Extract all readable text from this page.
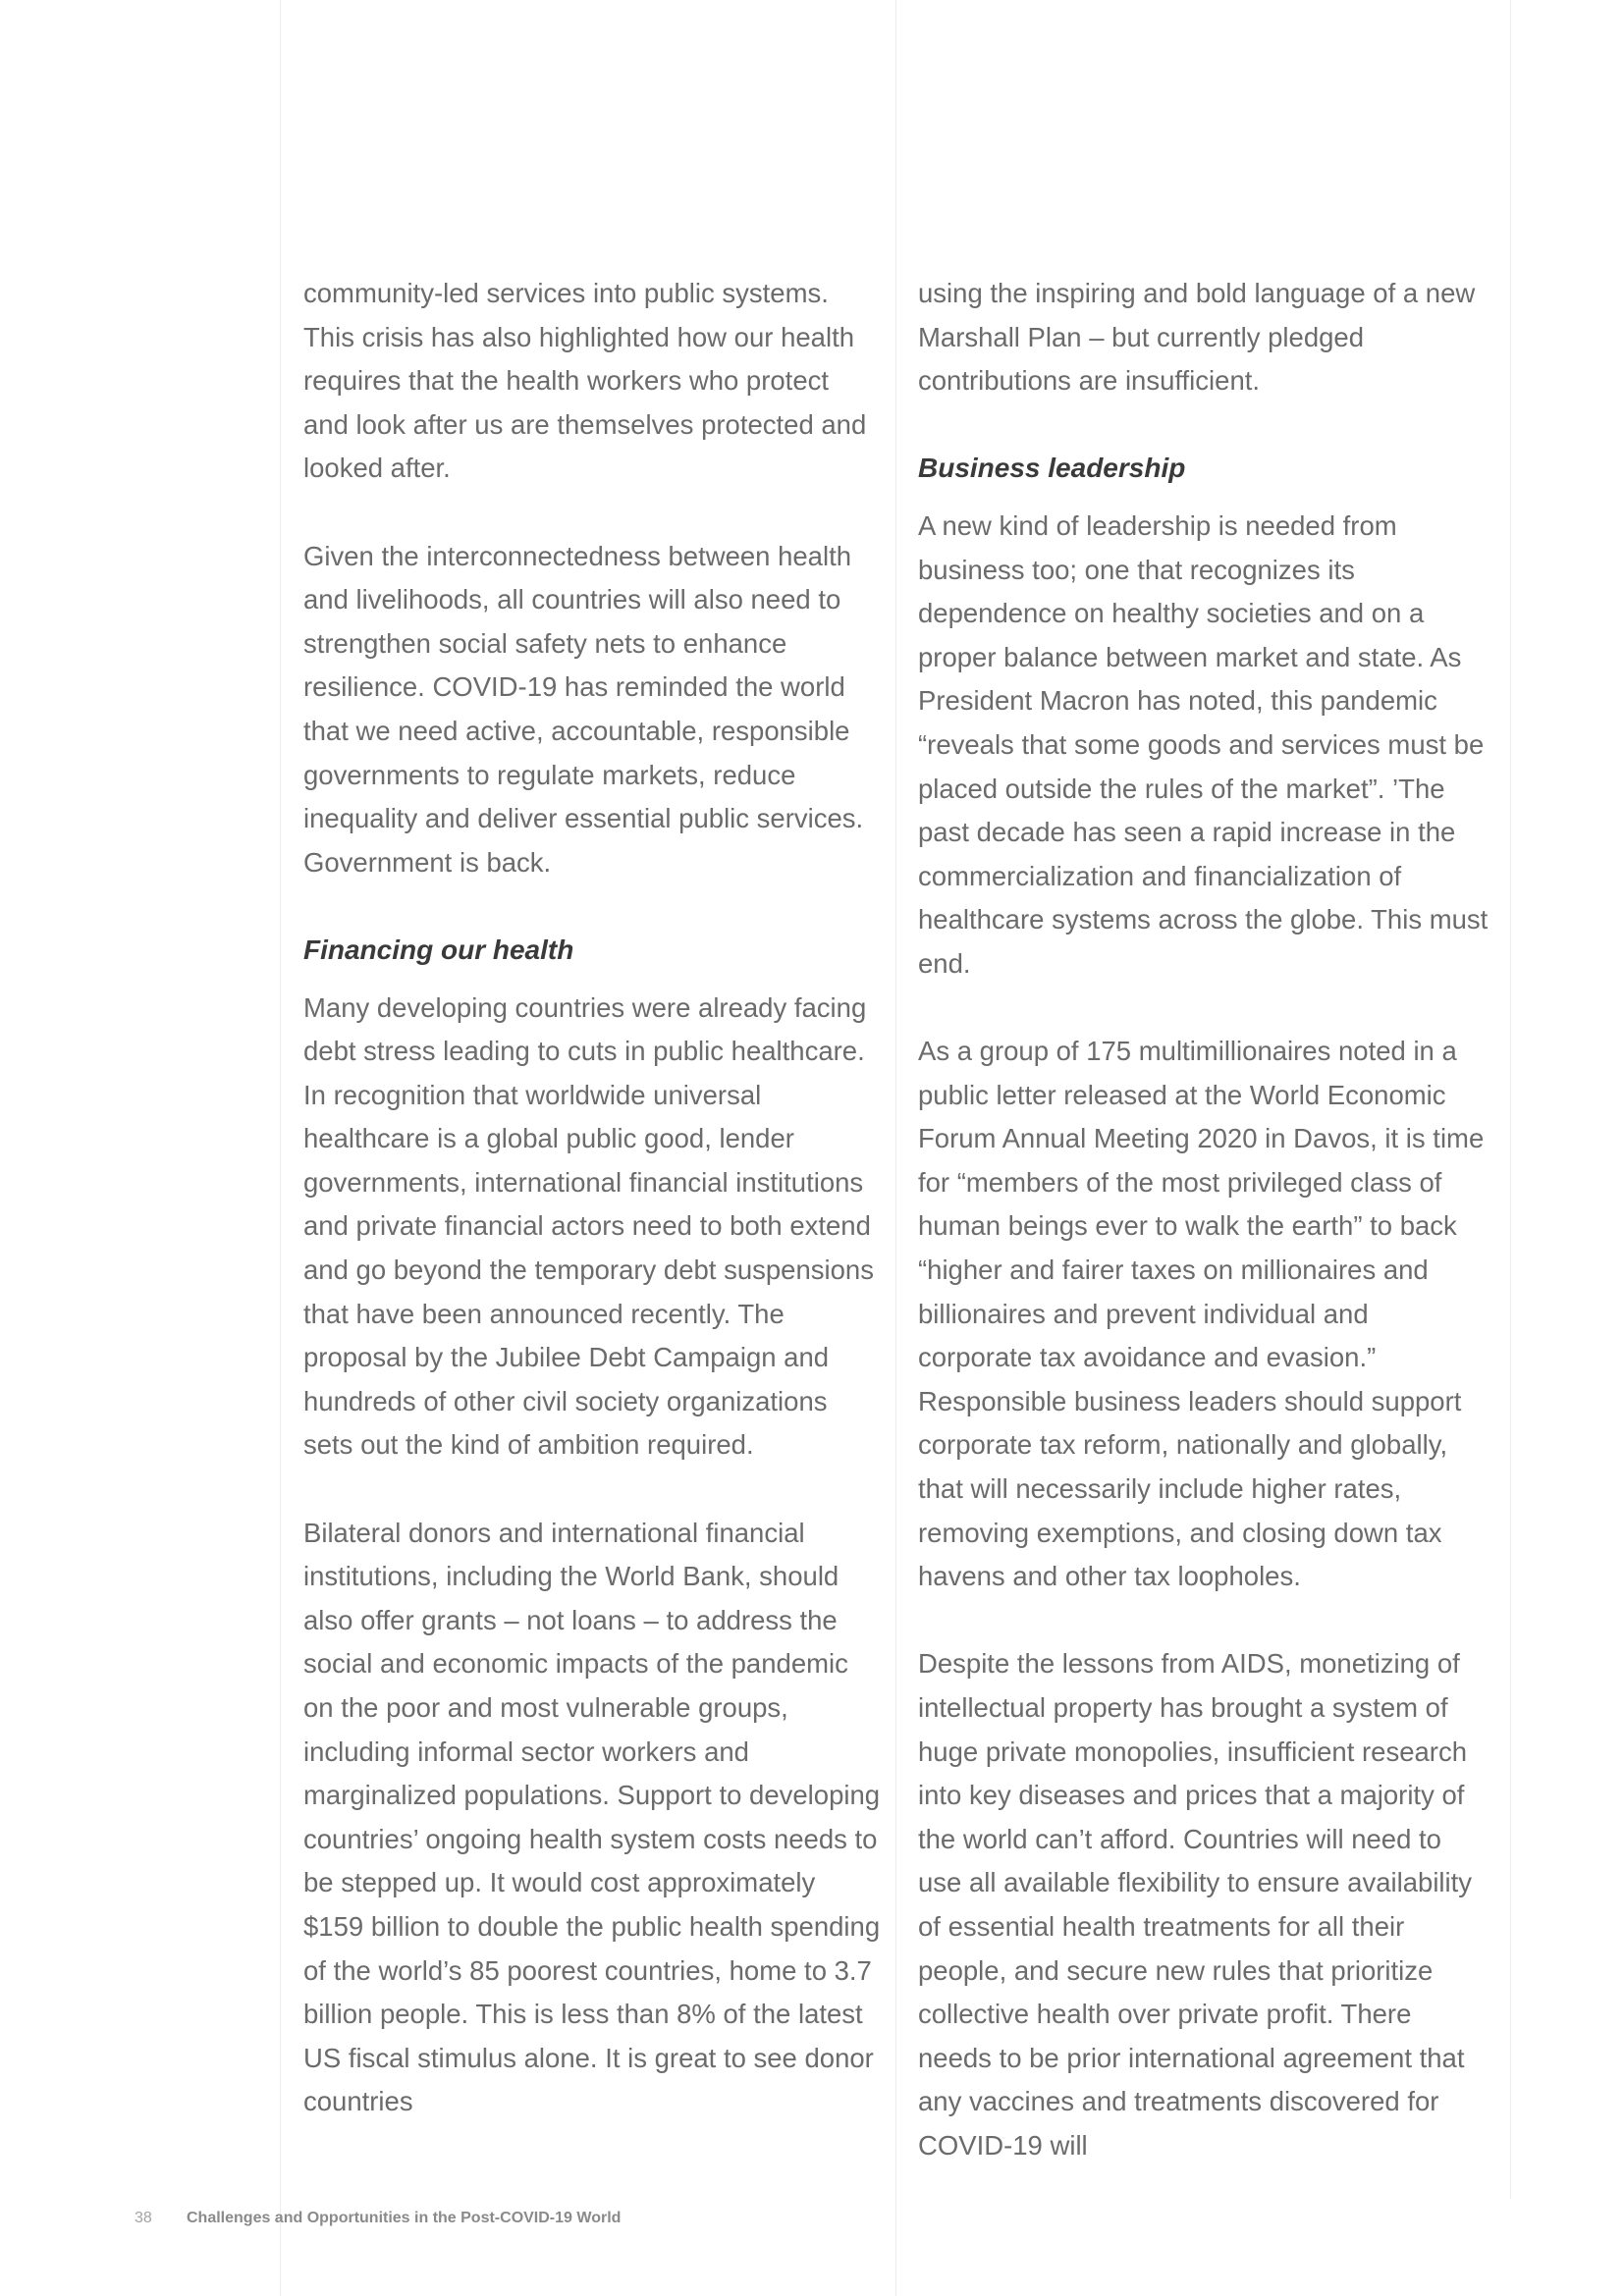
community-led services into public systems. This crisis has also highlighted how our health requires that the health workers who protect and look after us are themselves protected and looked after.

Given the interconnectedness between health and livelihoods, all countries will also need to strengthen social safety nets to enhance resilience. COVID-19 has reminded the world that we need active, accountable, responsible governments to regulate markets, reduce inequality and deliver essential public services. Government is back.

Financing our health

Many developing countries were already facing debt stress leading to cuts in public healthcare. In recognition that worldwide universal healthcare is a global public good, lender governments, international financial institutions and private financial actors need to both extend and go beyond the temporary debt suspensions that have been announced recently. The proposal by the Jubilee Debt Campaign and hundreds of other civil society organizations sets out the kind of ambition required.

Bilateral donors and international financial institutions, including the World Bank, should also offer grants – not loans – to address the social and economic impacts of the pandemic on the poor and most vulnerable groups, including informal sector workers and marginalized populations. Support to developing countries’ ongoing health system costs needs to be stepped up. It would cost approximately $159 billion to double the public health spending of the world’s 85 poorest countries, home to 3.7 billion people. This is less than 8% of the latest US fiscal stimulus alone. It is great to see donor countries

using the inspiring and bold language of a new Marshall Plan – but currently pledged contributions are insufficient.

Business leadership

A new kind of leadership is needed from business too; one that recognizes its dependence on healthy societies and on a proper balance between market and state. As President Macron has noted, this pandemic “reveals that some goods and services must be placed outside the rules of the market”. ’The past decade has seen a rapid increase in the commercialization and financialization of healthcare systems across the globe. This must end.

As a group of 175 multimillionaires noted in a public letter released at the World Economic Forum Annual Meeting 2020 in Davos, it is time for “members of the most privileged class of human beings ever to walk the earth” to back “higher and fairer taxes on millionaires and billionaires and prevent individual and corporate tax avoidance and evasion.” Responsible business leaders should support corporate tax reform, nationally and globally, that will necessarily include higher rates, removing exemptions, and closing down tax havens and other tax loopholes.

Despite the lessons from AIDS, monetizing of intellectual property has brought a system of huge private monopolies, insufficient research into key diseases and prices that a majority of the world can’t afford. Countries will need to use all available flexibility to ensure availability of essential health treatments for all their people, and secure new rules that prioritize collective health over private profit. There needs to be prior international agreement that any vaccines and treatments discovered for COVID-19 will

38 Challenges and Opportunities in the Post-COVID-19 World
